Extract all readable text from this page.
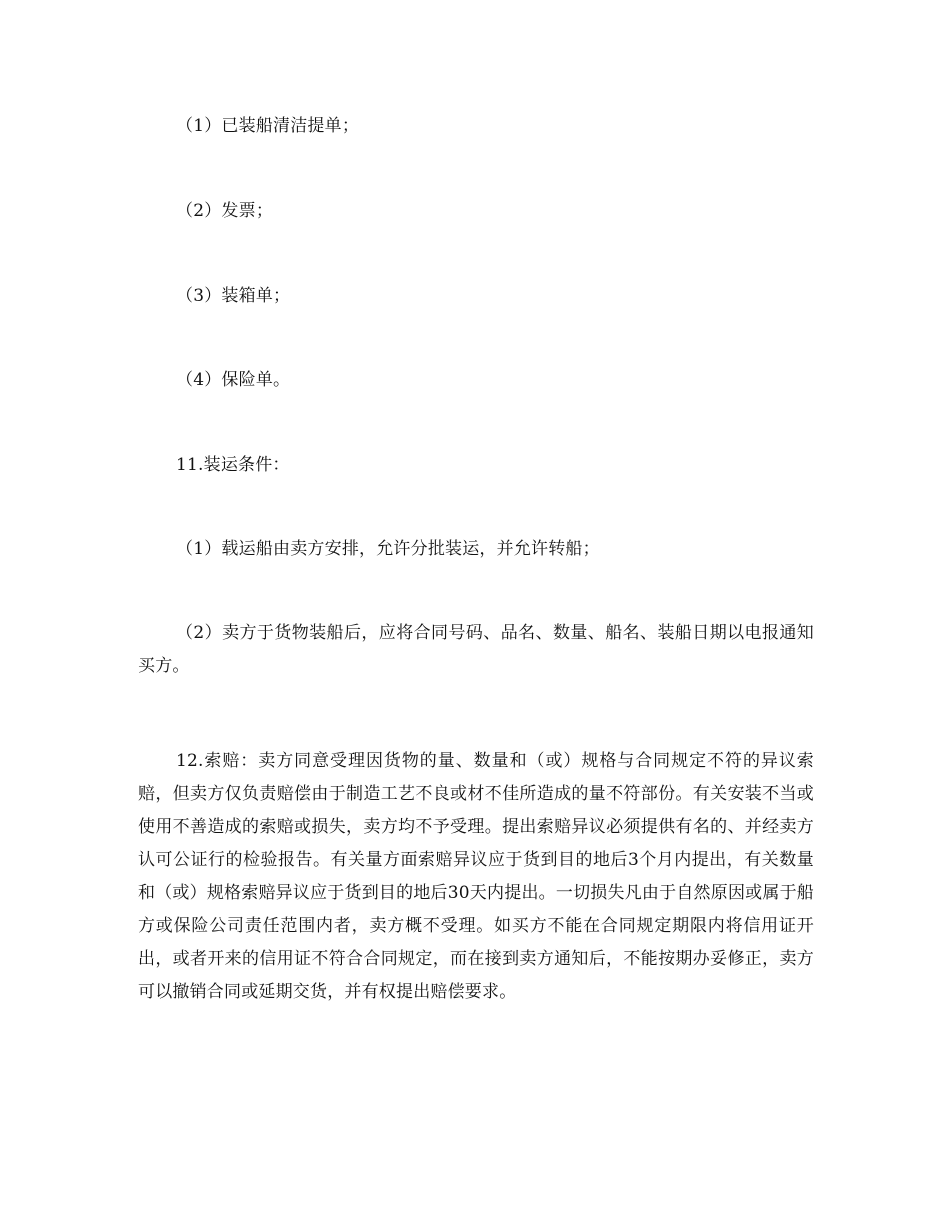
（1）已装船清洁提单；

（2）发票；

（3）装箱单；

（4）保险单。

11.装运条件：

（1）载运船由卖方安排，允许分批装运，并允许转船；

（2）卖方于货物装船后，应将合同号码、品名、数量、船名、装船日期以电报通知买方。

12.索赔：卖方同意受理因货物的量、数量和（或）规格与合同规定不符的异议索赔，但卖方仅负责赔偿由于制造工艺不良或材不佳所造成的量不符部份。有关安装不当或使用不善造成的索赔或损失，卖方均不予受理。提出索赔异议必须提供有名的、并经卖方认可公证行的检验报告。有关量方面索赔异议应于货到目的地后3个月内提出，有关数量和（或）规格索赔异议应于货到目的地后30天内提出。一切损失凡由于自然原因或属于船方或保险公司责任范围内者，卖方概不受理。如买方不能在合同规定期限内将信用证开出，或者开来的信用证不符合合同规定，而在接到卖方通知后，不能按期办妥修正，卖方可以撤销合同或延期交货，并有权提出赔偿要求。
